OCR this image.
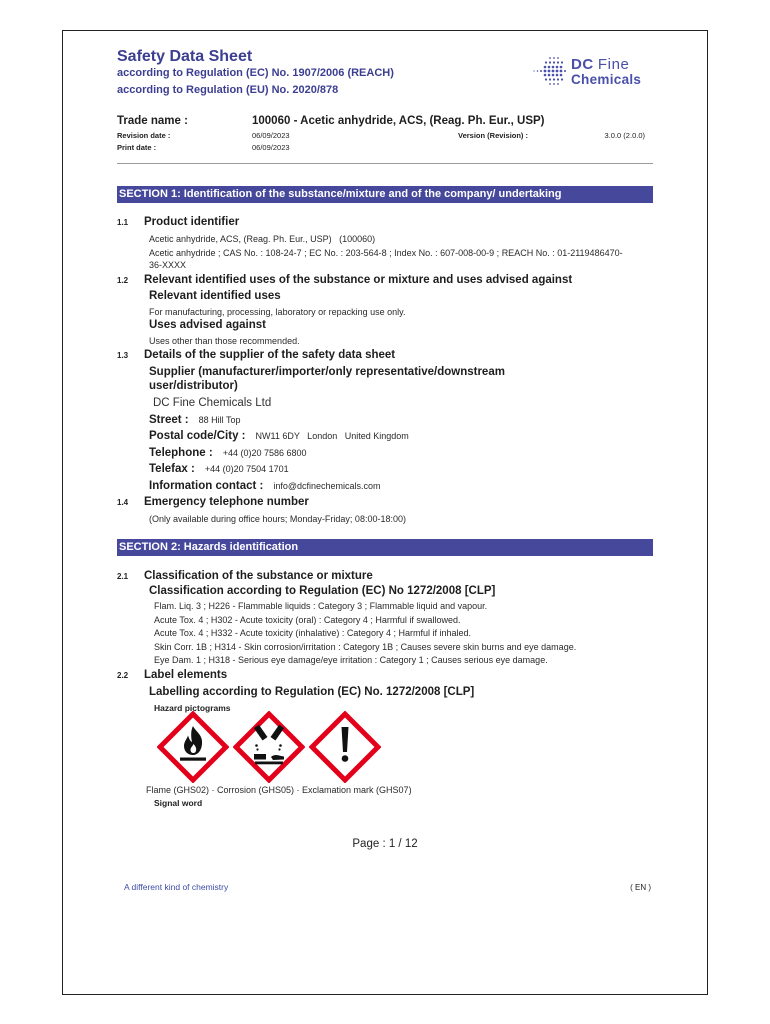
Safety Data Sheet
according to Regulation (EC) No. 1907/2006 (REACH)
according to Regulation (EU) No. 2020/878
DC Fine
Chemicals
Trade name :	100060 - Acetic anhydride, ACS, (Reag. Ph. Eur., USP)
Revision date :	06/09/2023	Version (Revision) :	3.0.0 (2.0.0)
Print date :	06/09/2023
SECTION 1: Identification of the substance/mixture and of the company/ undertaking
1.1 Product identifier
Acetic anhydride, ACS, (Reag. Ph. Eur., USP)   (100060)
Acetic anhydride ; CAS No. : 108-24-7 ; EC No. : 203-564-8 ; Index No. : 607-008-00-9 ; REACH No. : 01-2119486470-
36-XXXX
1.2 Relevant identified uses of the substance or mixture and uses advised against
Relevant identified uses
For manufacturing, processing, laboratory or repacking use only.
Uses advised against
Uses other than those recommended.
1.3 Details of the supplier of the safety data sheet
Supplier (manufacturer/importer/only representative/downstream
user/distributor)
DC Fine Chemicals Ltd
Street : 88 Hill Top
Postal code/City : NW11 6DY   London   United Kingdom
Telephone : +44 (0)20 7586 6800
Telefax : +44 (0)20 7504 1701
Information contact : info@dcfinechemicals.com
1.4 Emergency telephone number
(Only available during office hours; Monday-Friday; 08:00-18:00)
SECTION 2: Hazards identification
2.1 Classification of the substance or mixture
Classification according to Regulation (EC) No 1272/2008 [CLP]
Flam. Liq. 3 ; H226 - Flammable liquids : Category 3 ; Flammable liquid and vapour.
Acute Tox. 4 ; H302 - Acute toxicity (oral) : Category 4 ; Harmful if swallowed.
Acute Tox. 4 ; H332 - Acute toxicity (inhalative) : Category 4 ; Harmful if inhaled.
Skin Corr. 1B ; H314 - Skin corrosion/irritation : Category 1B ; Causes severe skin burns and eye damage.
Eye Dam. 1 ; H318 - Serious eye damage/eye irritation : Category 1 ; Causes serious eye damage.
2.2 Label elements
Labelling according to Regulation (EC) No. 1272/2008 [CLP]
Hazard pictograms
Flame (GHS02) · Corrosion (GHS05) · Exclamation mark (GHS07)
Signal word
Page : 1 / 12
A different kind of chemistry	( EN )
